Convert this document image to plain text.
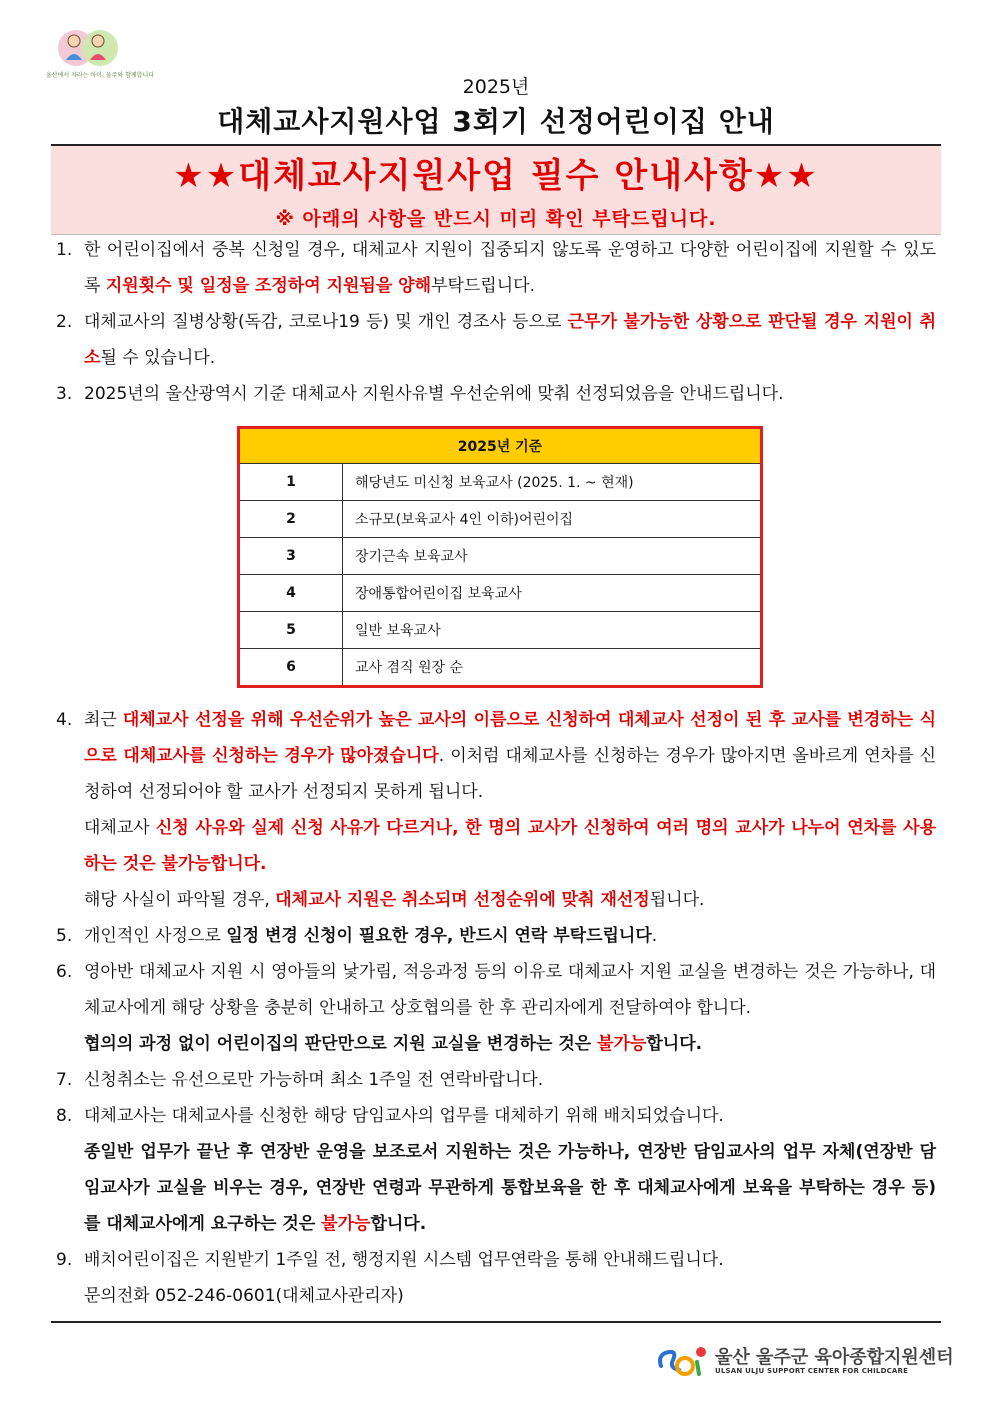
울산에서 자라는 아이, 울주와 함께합니다
2025년
대체교사지원사업 3회기 선정어린이집 안내
★★대체교사지원사업 필수 안내사항★★
※ 아래의 사항을 반드시 미리 확인 부탁드립니다.
1. 한 어린이집에서 중복 신청일 경우, 대체교사 지원이 집중되지 않도록 운영하고 다양한 어린이집에 지원할 수 있도록 지원횟수 및 일정을 조정하여 지원됨을 양해부탁드립니다.
2. 대체교사의 질병상황(독감, 코로나19 등) 및 개인 경조사 등으로 근무가 불가능한 상황으로 판단될 경우 지원이 취소될 수 있습니다.
3. 2025년의 울산광역시 기준 대체교사 지원사유별 우선순위에 맞춰 선정되었음을 안내드립니다.
2025년 기준	
1	해당년도 미신청 보육교사 (2025. 1. ~ 현재)
2	소규모(보육교사 4인 이하)어린이집
3	장기근속 보육교사
4	장애통합어린이집 보육교사
5	일반 보육교사
6	교사 겸직 원장 순
4. 최근 대체교사 선정을 위해 우선순위가 높은 교사의 이름으로 신청하여 대체교사 선정이 된 후 교사를 변경하는 식으로 대체교사를 신청하는 경우가 많아졌습니다. 이처럼 대체교사를 신청하는 경우가 많아지면 올바르게 연차를 신청하여 선정되어야 할 교사가 선정되지 못하게 됩니다.
대체교사 신청 사유와 실제 신청 사유가 다르거나, 한 명의 교사가 신청하여 여러 명의 교사가 나누어 연차를 사용하는 것은 불가능합니다.
해당 사실이 파악될 경우, 대체교사 지원은 취소되며 선정순위에 맞춰 재선정됩니다.
5. 개인적인 사정으로 일정 변경 신청이 필요한 경우, 반드시 연락 부탁드립니다.
6. 영아반 대체교사 지원 시 영아들의 낯가림, 적응과정 등의 이유로 대체교사 지원 교실을 변경하는 것은 가능하나, 대체교사에게 해당 상황을 충분히 안내하고 상호협의를 한 후 관리자에게 전달하여야 합니다.
협의의 과정 없이 어린이집의 판단만으로 지원 교실을 변경하는 것은 불가능합니다.
7. 신청취소는 유선으로만 가능하며 최소 1주일 전 연락바랍니다.
8. 대체교사는 대체교사를 신청한 해당 담임교사의 업무를 대체하기 위해 배치되었습니다.
종일반 업무가 끝난 후 연장반 운영을 보조로서 지원하는 것은 가능하나, 연장반 담임교사의 업무 자체(연장반 담임교사가 교실을 비우는 경우, 연장반 연령과 무관하게 통합보육을 한 후 대체교사에게 보육을 부탁하는 경우 등)를 대체교사에게 요구하는 것은 불가능합니다.
9. 배치어린이집은 지원받기 1주일 전, 행정지원 시스템 업무연락을 통해 안내해드립니다.
문의전화 052-246-0601(대체교사관리자)
울산 울주군 육아종합지원센터
ULSAN ULJU SUPPORT CENTER FOR CHILDCARE
